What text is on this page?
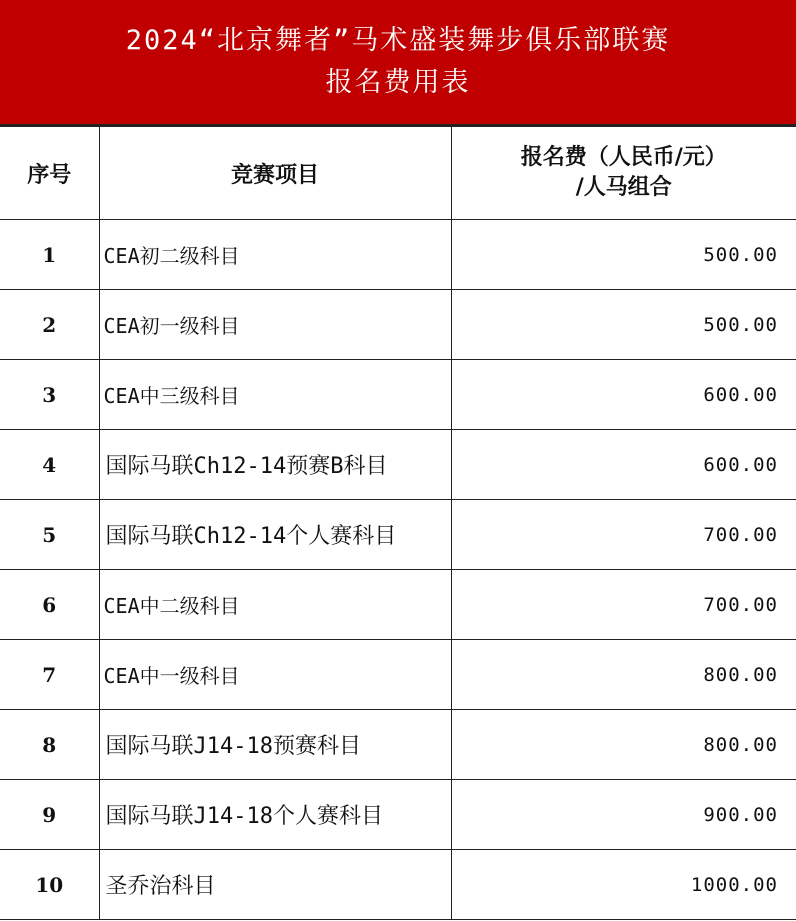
2024“北京舞者”马术盛装舞步俱乐部联赛
报名费用表
序号	竞赛项目	报名费（人民币/元）
/人马组合

1	CEA初二级科目	500.00
2	CEA初一级科目	500.00
3	CEA中三级科目	600.00
4	国际马联Ch12-14预赛B科目	600.00
5	国际马联Ch12-14个人赛科目	700.00
6	CEA中二级科目	700.00
7	CEA中一级科目	800.00
8	国际马联J14-18预赛科目	800.00
9	国际马联J14-18个人赛科目	900.00
10	圣乔治科目	1000.00
